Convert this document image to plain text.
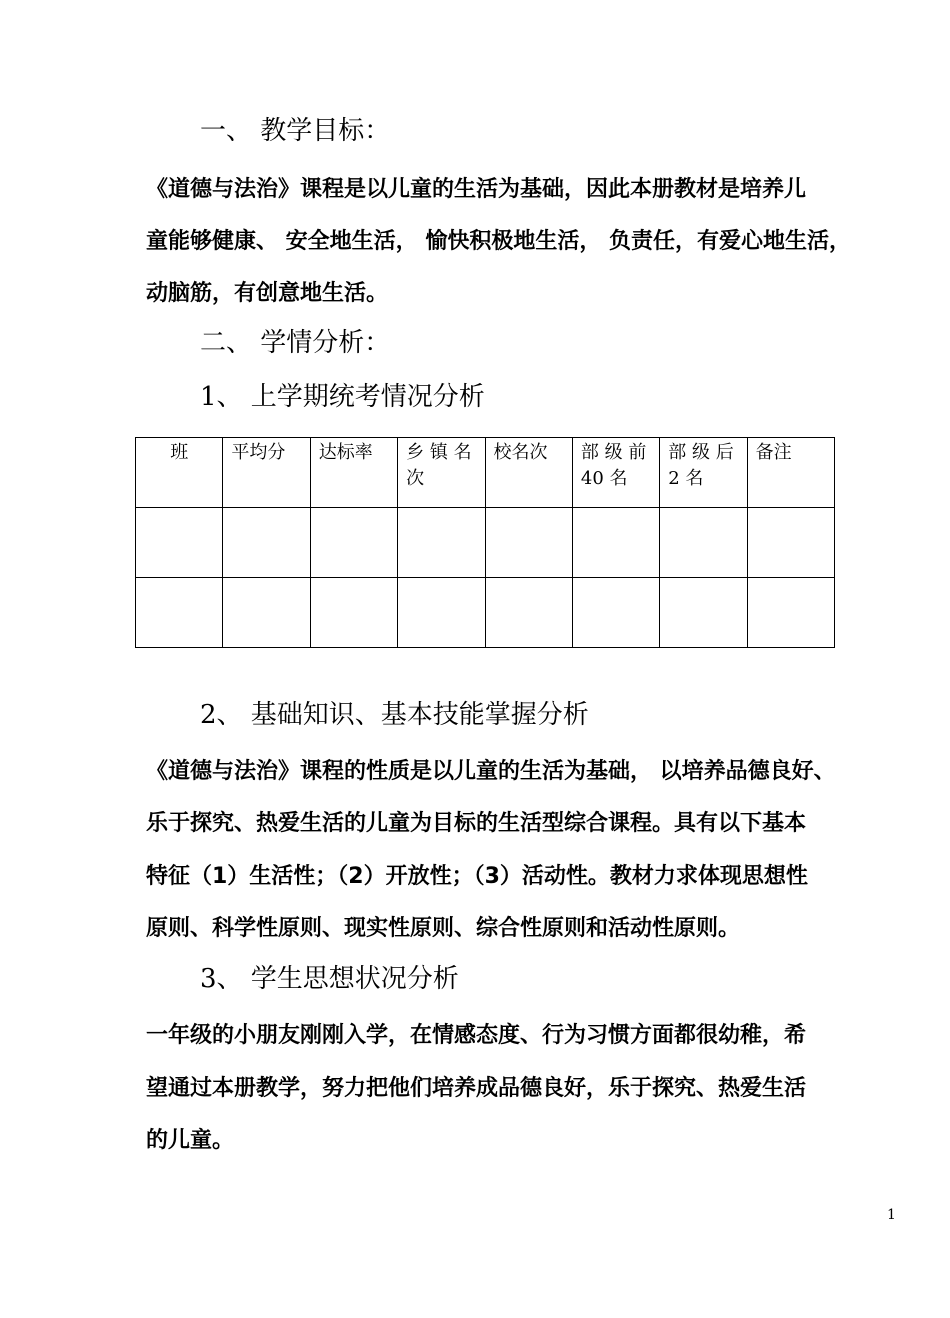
一、 教学目标：
《道德与法治》课程是以儿童的生活为基础，因此本册教材是培养儿
童能够健康、 安全地生活， 愉快积极地生活， 负责任，有爱心地生活，
动脑筋，有创意地生活。
二、 学情分析：
1、 上学期统考情况分析
班	平均分	达标率	乡 镇 名 次	校名次	部 级 前 40 名	部 级 后 2 名	备注

2、 基础知识、基本技能掌握分析
《道德与法治》课程的性质是以儿童的生活为基础， 以培养品德良好、
乐于探究、热爱生活的儿童为目标的生活型综合课程。具有以下基本
特征（1）生活性；（2）开放性；（3）活动性。教材力求体现思想性
原则、科学性原则、现实性原则、综合性原则和活动性原则。
3、 学生思想状况分析
一年级的小朋友刚刚入学，在情感态度、行为习惯方面都很幼稚，希
望通过本册教学，努力把他们培养成品德良好，乐于探究、热爱生活
的儿童。
1
